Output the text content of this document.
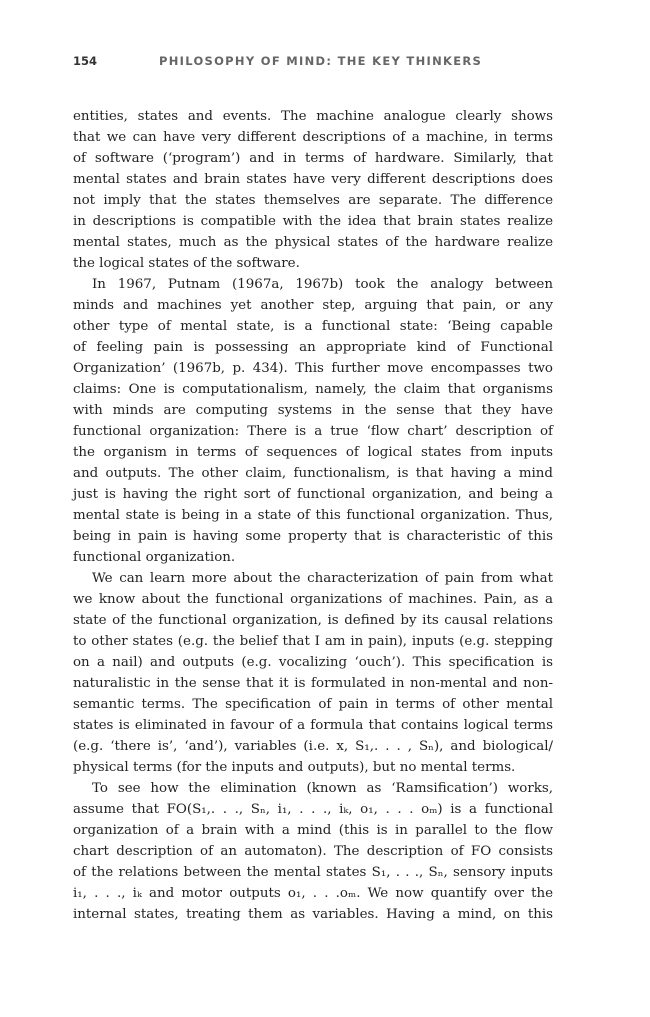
154	PHILOSOPHY OF MIND: THE KEY THINKERS
entities, states and events. The machine analogue clearly shows
that we can have very different descriptions of a machine, in terms
of software (‘program’) and in terms of hardware. Similarly, that
mental states and brain states have very different descriptions does
not imply that the states themselves are separate. The difference
in descriptions is compatible with the idea that brain states realize
mental states, much as the physical states of the hardware realize
the logical states of the software.
In 1967, Putnam (1967a, 1967b) took the analogy between
minds and machines yet another step, arguing that pain, or any
other type of mental state, is a functional state: ‘Being capable
of feeling pain is possessing an appropriate kind of Functional
Organization’ (1967b, p. 434). This further move encompasses two
claims: One is computationalism, namely, the claim that organisms
with minds are computing systems in the sense that they have
functional organization: There is a true ‘flow chart’ description of
the organism in terms of sequences of logical states from inputs
and outputs. The other claim, functionalism, is that having a mind
just is having the right sort of functional organization, and being a
mental state is being in a state of this functional organization. Thus,
being in pain is having some property that is characteristic of this
functional organization.
We can learn more about the characterization of pain from what
we know about the functional organizations of machines. Pain, as a
state of the functional organization, is defined by its causal relations
to other states (e.g. the belief that I am in pain), inputs (e.g. stepping
on a nail) and outputs (e.g. vocalizing ‘ouch’). This specification is
naturalistic in the sense that it is formulated in non-mental and non-
semantic terms. The specification of pain in terms of other mental
states is eliminated in favour of a formula that contains logical terms
(e.g. ‘there is’, ‘and’), variables (i.e. x, S₁,. . . , Sₙ), and biological/
physical terms (for the inputs and outputs), but no mental terms.
To see how the elimination (known as ‘Ramsification’) works,
assume that FO(S₁,. . ., Sₙ, i₁, . . ., iₖ, o₁, . . . oₘ) is a functional
organization of a brain with a mind (this is in parallel to the flow
chart description of an automaton). The description of FO consists
of the relations between the mental states S₁, . . ., Sₙ, sensory inputs
i₁, . . ., iₖ and motor outputs o₁, . . .oₘ. We now quantify over the
internal states, treating them as variables. Having a mind, on this
